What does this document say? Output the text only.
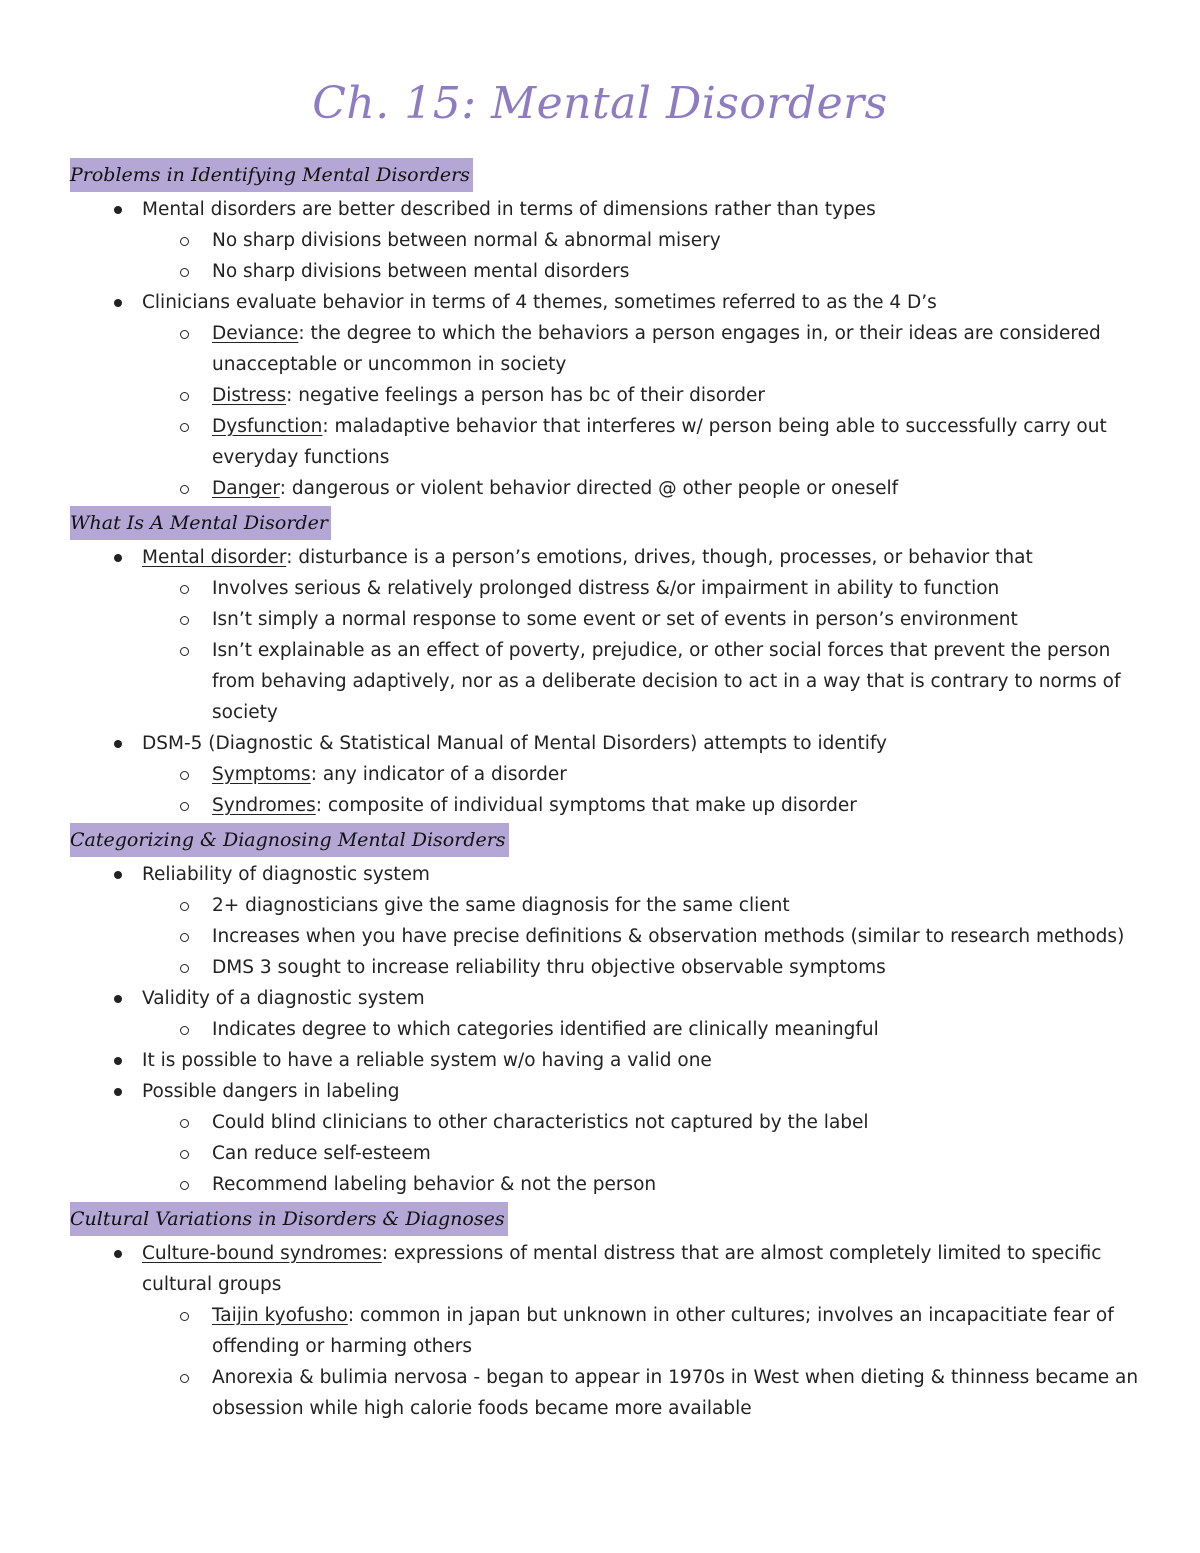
Ch. 15: Mental Disorders
Problems in Identifying Mental Disorders
Mental disorders are better described in terms of dimensions rather than types
No sharp divisions between normal & abnormal misery
No sharp divisions between mental disorders
Clinicians evaluate behavior in terms of 4 themes, sometimes referred to as the 4 D’s
Deviance: the degree to which the behaviors a person engages in, or their ideas are considered unacceptable or uncommon in society
Distress: negative feelings a person has bc of their disorder
Dysfunction: maladaptive behavior that interferes w/ person being able to successfully carry out everyday functions
Danger: dangerous or violent behavior directed @ other people or oneself
What Is A Mental Disorder
Mental disorder: disturbance is a person’s emotions, drives, though, processes, or behavior that
Involves serious & relatively prolonged distress &/or impairment in ability to function
Isn’t simply a normal response to some event or set of events in person’s environment
Isn’t explainable as an effect of poverty, prejudice, or other social forces that prevent the person from behaving adaptively, nor as a deliberate decision to act in a way that is contrary to norms of society
DSM-5 (Diagnostic & Statistical Manual of Mental Disorders) attempts to identify
Symptoms: any indicator of a disorder
Syndromes: composite of individual symptoms that make up disorder
Categorizing & Diagnosing Mental Disorders
Reliability of diagnostic system
2+ diagnosticians give the same diagnosis for the same client
Increases when you have precise definitions & observation methods (similar to research methods)
DMS 3 sought to increase reliability thru objective observable symptoms
Validity of a diagnostic system
Indicates degree to which categories identified are clinically meaningful
It is possible to have a reliable system w/o having a valid one
Possible dangers in labeling
Could blind clinicians to other characteristics not captured by the label
Can reduce self-esteem
Recommend labeling behavior & not the person
Cultural Variations in Disorders & Diagnoses
Culture-bound syndromes: expressions of mental distress that are almost completely limited to specific cultural groups
Taijin kyofusho: common in japan but unknown in other cultures; involves an incapacitiate fear of offending or harming others
Anorexia & bulimia nervosa - began to appear in 1970s in West when dieting & thinness became an obsession while high calorie foods became more available
